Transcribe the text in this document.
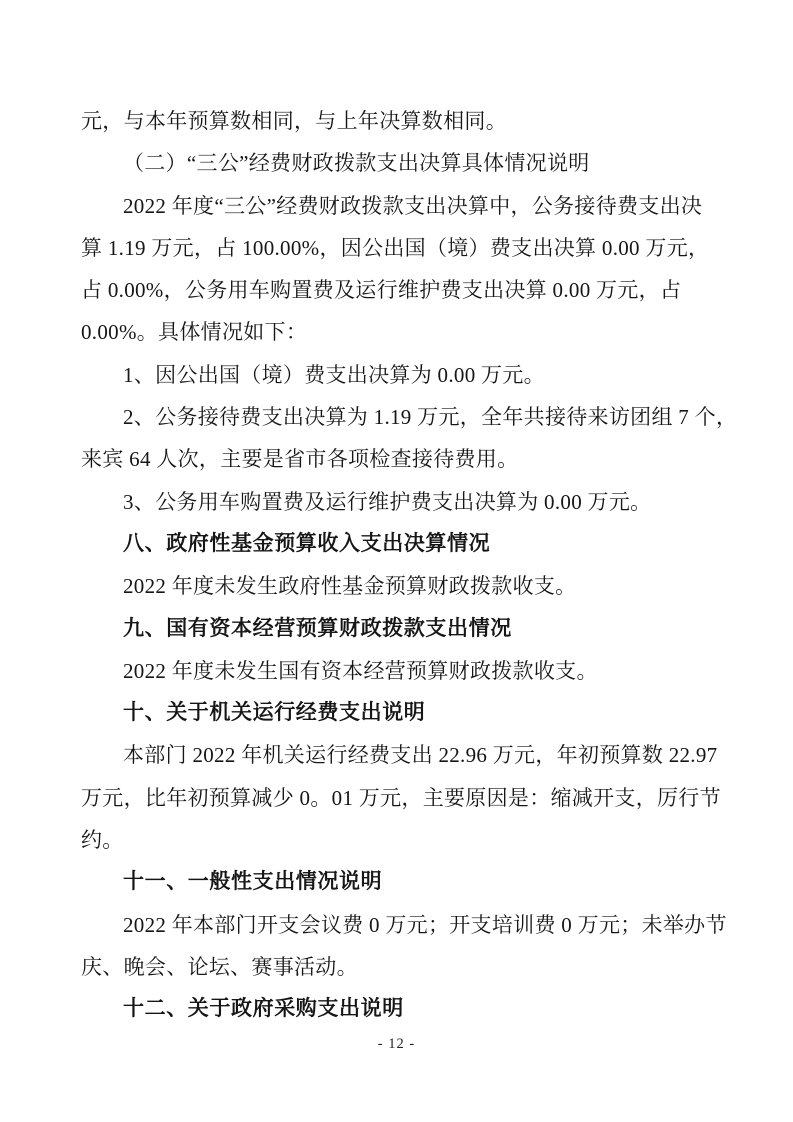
元，与本年预算数相同，与上年决算数相同。
（二）“三公”经费财政拨款支出决算具体情况说明
2022 年度“三公”经费财政拨款支出决算中，公务接待费支出决
算 1.19 万元，占 100.00%，因公出国（境）费支出决算 0.00 万元，
占 0.00%，公务用车购置费及运行维护费支出决算 0.00 万元，占
0.00%。具体情况如下：
1、因公出国（境）费支出决算为 0.00 万元。
2、公务接待费支出决算为 1.19 万元，全年共接待来访团组 7 个，
来宾 64 人次，主要是省市各项检查接待费用。
3、公务用车购置费及运行维护费支出决算为 0.00 万元。
八、政府性基金预算收入支出决算情况
2022 年度未发生政府性基金预算财政拨款收支。
九、国有资本经营预算财政拨款支出情况
2022 年度未发生国有资本经营预算财政拨款收支。
十、关于机关运行经费支出说明
本部门 2022 年机关运行经费支出 22.96 万元，年初预算数 22.97
万元，比年初预算减少 0。01 万元，主要原因是：缩减开支，厉行节
约。
十一、一般性支出情况说明
2022 年本部门开支会议费 0 万元；开支培训费 0 万元；未举办节
庆、晚会、论坛、赛事活动。
十二、关于政府采购支出说明
- 12 -
